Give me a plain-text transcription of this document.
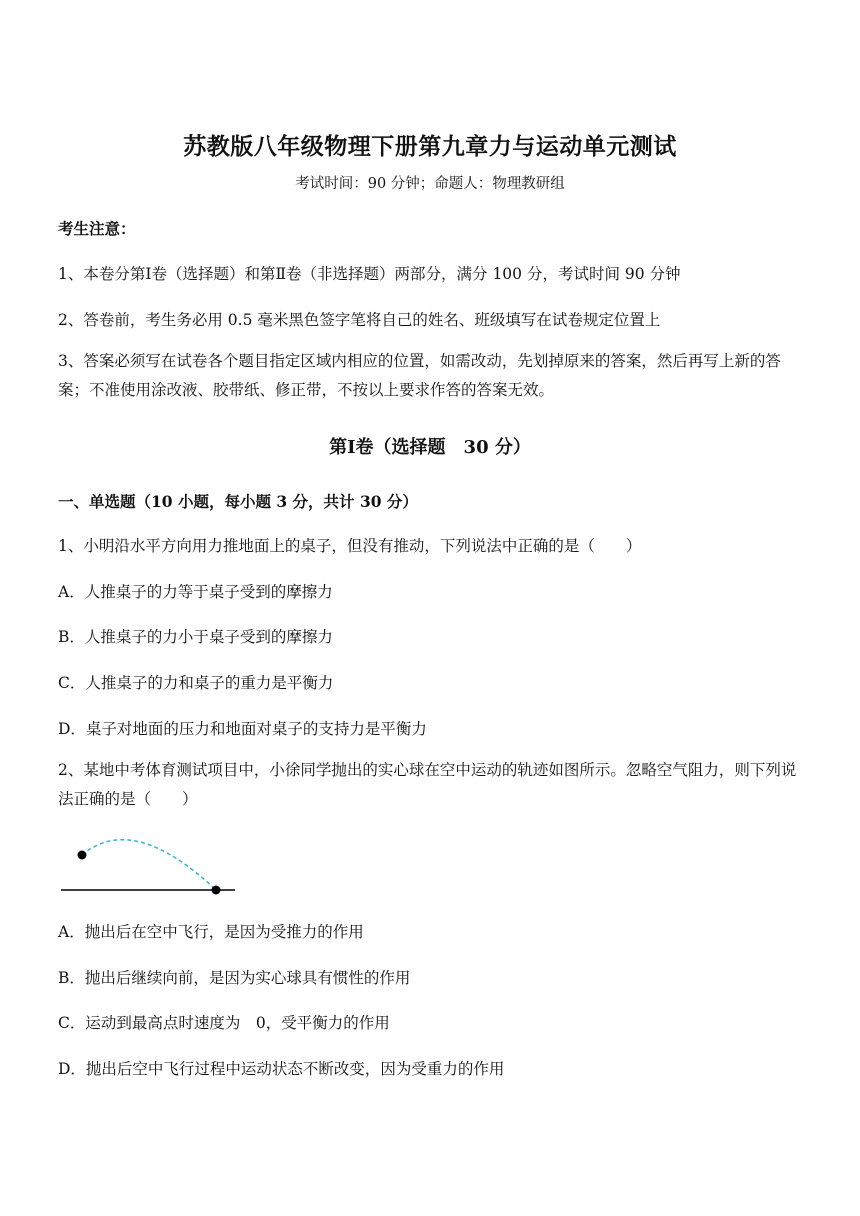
苏教版八年级物理下册第九章力与运动单元测试
考试时间：90 分钟；命题人：物理教研组
考生注意：
1、本卷分第Ⅰ卷（选择题）和第Ⅱ卷（非选择题）两部分，满分 100 分，考试时间 90 分钟
2、答卷前，考生务必用 0.5 毫米黑色签字笔将自己的姓名、班级填写在试卷规定位置上
3、答案必须写在试卷各个题目指定区域内相应的位置，如需改动，先划掉原来的答案，然后再写上新的答案；不准使用涂改液、胶带纸、修正带，不按以上要求作答的答案无效。
第Ⅰ卷（选择题　30 分）
一、单选题（10 小题，每小题 3 分，共计 30 分）
1、小明沿水平方向用力推地面上的桌子，但没有推动，下列说法中正确的是（　　）
A．人推桌子的力等于桌子受到的摩擦力
B．人推桌子的力小于桌子受到的摩擦力
C．人推桌子的力和桌子的重力是平衡力
D．桌子对地面的压力和地面对桌子的支持力是平衡力
2、某地中考体育测试项目中，小徐同学抛出的实心球在空中运动的轨迹如图所示。忽略空气阻力，则下列说法正确的是（　　）
A．抛出后在空中飞行，是因为受推力的作用
B．抛出后继续向前，是因为实心球具有惯性的作用
C．运动到最高点时速度为　0，受平衡力的作用
D．抛出后空中飞行过程中运动状态不断改变，因为受重力的作用
